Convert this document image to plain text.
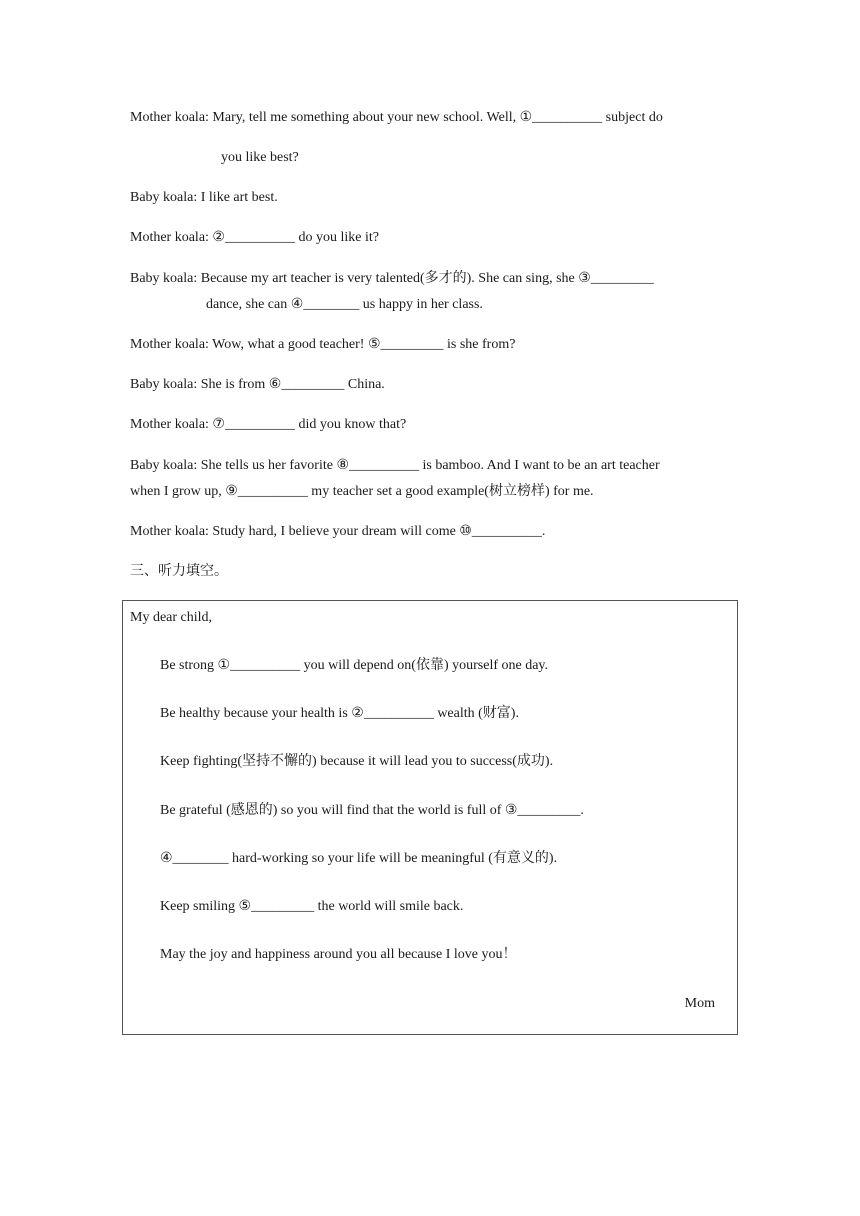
Mother koala: Mary, tell me something about your new school. Well, ①__________ subject do
you like best?
Baby koala: I like art best.
Mother koala: ②__________ do you like it?
Baby koala: Because my art teacher is very talented(多才的). She can sing, she ③_________
dance, she can ④________ us happy in her class.
Mother koala: Wow, what a good teacher! ⑤_________ is she from?
Baby koala: She is from ⑥_________ China.
Mother koala: ⑦__________ did you know that?
Baby koala: She tells us her favorite ⑧__________ is bamboo. And I want to be an art teacher
when I grow up, ⑨__________ my teacher set a good example(树立榜样) for me.
Mother koala: Study hard, I believe your dream will come ⑩__________.
三、听力填空。
My dear child,
Be strong ①__________ you will depend on(依靠) yourself one day.
Be healthy because your health is ②__________ wealth (财富).
Keep fighting(坚持不懈的) because it will lead you to success(成功).
Be grateful (感恩的) so you will find that the world is full of ③_________.
④________ hard-working so your life will be meaningful (有意义的).
Keep smiling ⑤_________ the world will smile back.
May the joy and happiness around you all because I love you！
Mom
